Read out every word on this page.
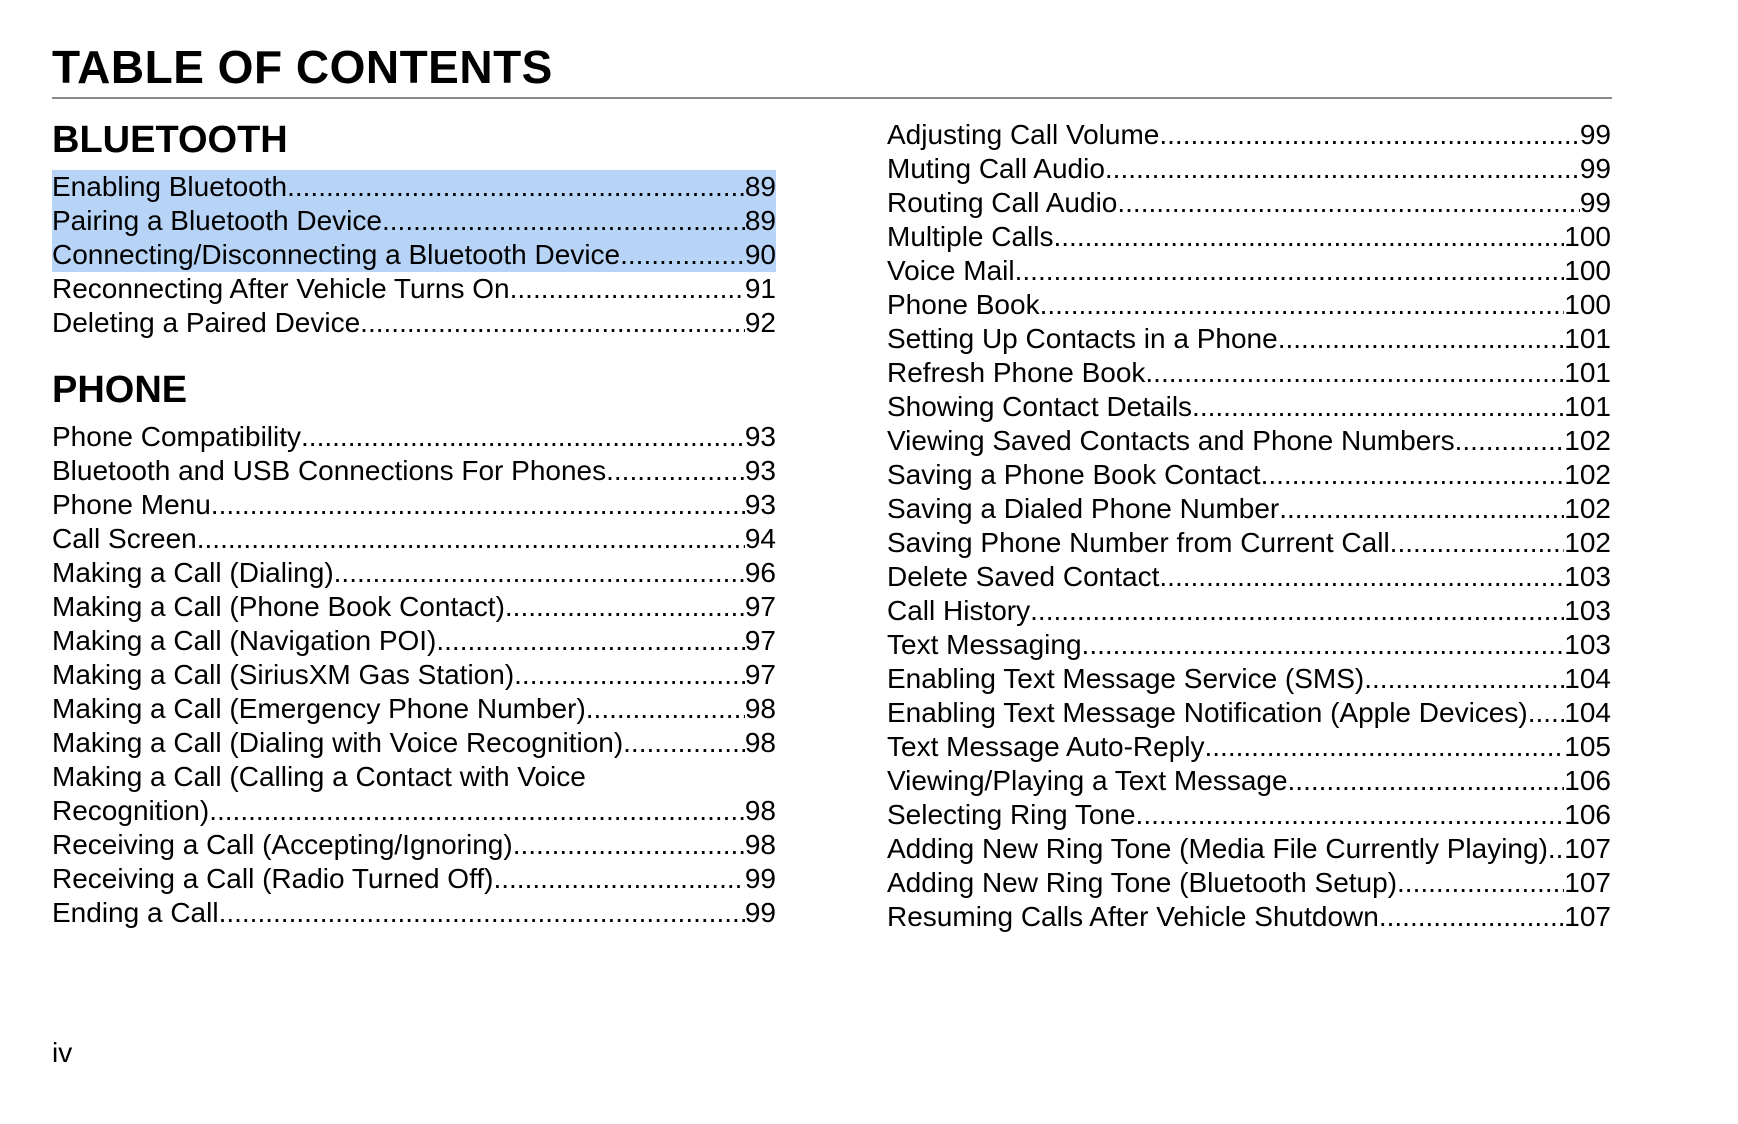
TABLE OF CONTENTS
BLUETOOTH
Enabling Bluetooth .....	89
Pairing a Bluetooth Device .....	89
Connecting/Disconnecting a Bluetooth Device .....	90
Reconnecting After Vehicle Turns On .....	91
Deleting a Paired Device .....	92
PHONE
Phone Compatibility .....	93
Bluetooth and USB Connections For Phones .....	93
Phone Menu .....	93
Call Screen .....	94
Making a Call (Dialing) .....	96
Making a Call (Phone Book Contact) .....	97
Making a Call (Navigation POI) .....	97
Making a Call (SiriusXM Gas Station) .....	97
Making a Call (Emergency Phone Number) .....	98
Making a Call (Dialing with Voice Recognition) .....	98
Making a Call (Calling a Contact with Voice
Recognition) .....	98
Receiving a Call (Accepting/Ignoring) .....	98
Receiving a Call (Radio Turned Off) .....	99
Ending a Call .....	99
Adjusting Call Volume .....	99
Muting Call Audio .....	99
Routing Call Audio .....	99
Multiple Calls .....	100
Voice Mail .....	100
Phone Book .....	100
Setting Up Contacts in a Phone .....	101
Refresh Phone Book .....	101
Showing Contact Details .....	101
Viewing Saved Contacts and Phone Numbers .....	102
Saving a Phone Book Contact .....	102
Saving a Dialed Phone Number .....	102
Saving Phone Number from Current Call .....	102
Delete Saved Contact .....	103
Call History .....	103
Text Messaging .....	103
Enabling Text Message Service (SMS) .....	104
Enabling Text Message Notification (Apple Devices) ..... 104
Text Message Auto-Reply .....	105
Viewing/Playing a Text Message .....	106
Selecting Ring Tone .....	106
Adding New Ring Tone (Media File Currently Playing) ..... 107
Adding New Ring Tone (Bluetooth Setup) .....	107
Resuming Calls After Vehicle Shutdown .....	107
iv
